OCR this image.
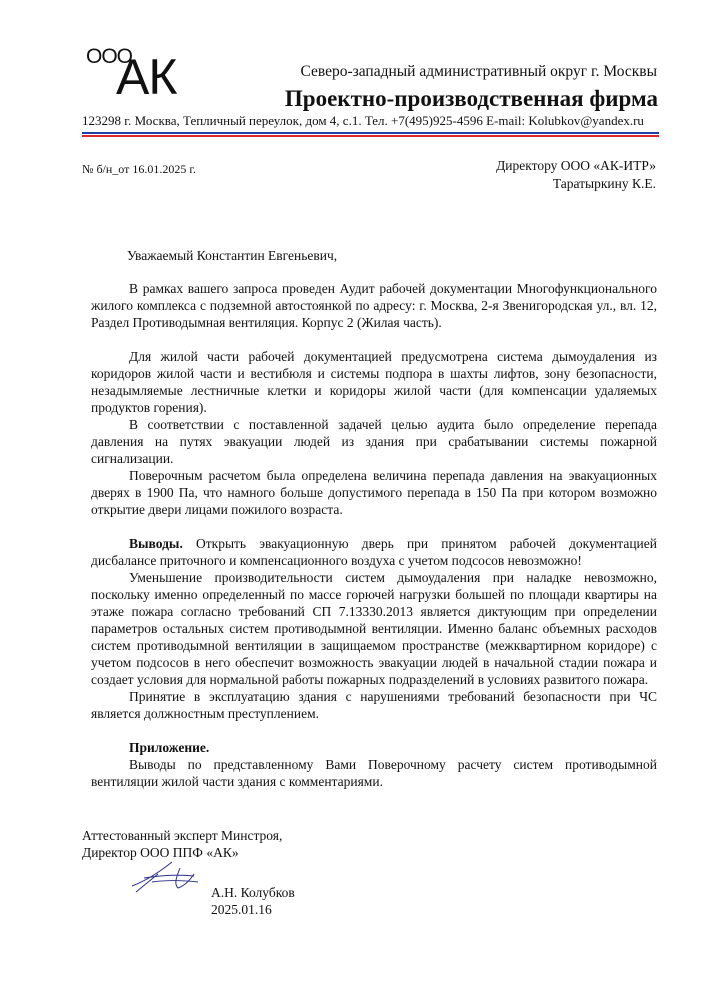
ООО
АК	Северо-западный административный округ г. Москвы
Проектно-производственная фирма
123298 г. Москва, Тепличный переулок, дом 4, с.1. Тел. +7(495)925-4596 E-mail: Kolubkov@yandex.ru
№ б/н_от 16.01.2025 г.	Директору ООО «АК-ИТР»
Таратыркину К.Е.
Уважаемый Константин Евгеньевич,

В рамках вашего запроса проведен Аудит рабочей документации Многофункционального жилого комплекса с подземной автостоянкой по адресу: г. Москва, 2-я Звенигородская ул., вл. 12, Раздел Противодымная вентиляция. Корпус 2 (Жилая часть).

Для жилой части рабочей документацией предусмотрена система дымоудаления из коридоров жилой части и вестибюля и системы подпора в шахты лифтов, зону безопасности, незадымляемые лестничные клетки и коридоры жилой части (для компенсации удаляемых продуктов горения).

В соответствии с поставленной задачей целью аудита было определение перепада давления на путях эвакуации людей из здания при срабатывании системы пожарной сигнализации.

Поверочным расчетом была определена величина перепада давления на эвакуационных дверях в 1900 Па, что намного больше допустимого перепада в 150 Па при котором возможно открытие двери лицами пожилого возраста.

Выводы. Открыть эвакуационную дверь при принятом рабочей документацией дисбалансе приточного и компенсационного воздуха с учетом подсосов невозможно!

Уменьшение производительности систем дымоудаления при наладке невозможно, поскольку именно определенный по массе горючей нагрузки большей по площади квартиры на этаже пожара согласно требований СП 7.13330.2013 является диктующим при определении параметров остальных систем противодымной вентиляции. Именно баланс объемных расходов систем противодымной вентиляции в защищаемом пространстве (межквартирном коридоре) с учетом подсосов в него обеспечит возможность эвакуации людей в начальной стадии пожара и создает условия для нормальной работы пожарных подразделений в условиях развитого пожара.

Принятие в эксплуатацию здания с нарушениями требований безопасности при ЧС является должностным преступлением.

Приложение.

Выводы по представленному Вами Поверочному расчету систем противодымной вентиляции жилой части здания с комментариями.

Аттестованный эксперт Минстроя,
Директор ООО ППФ «АК»
А.Н. Колубков
2025.01.16
